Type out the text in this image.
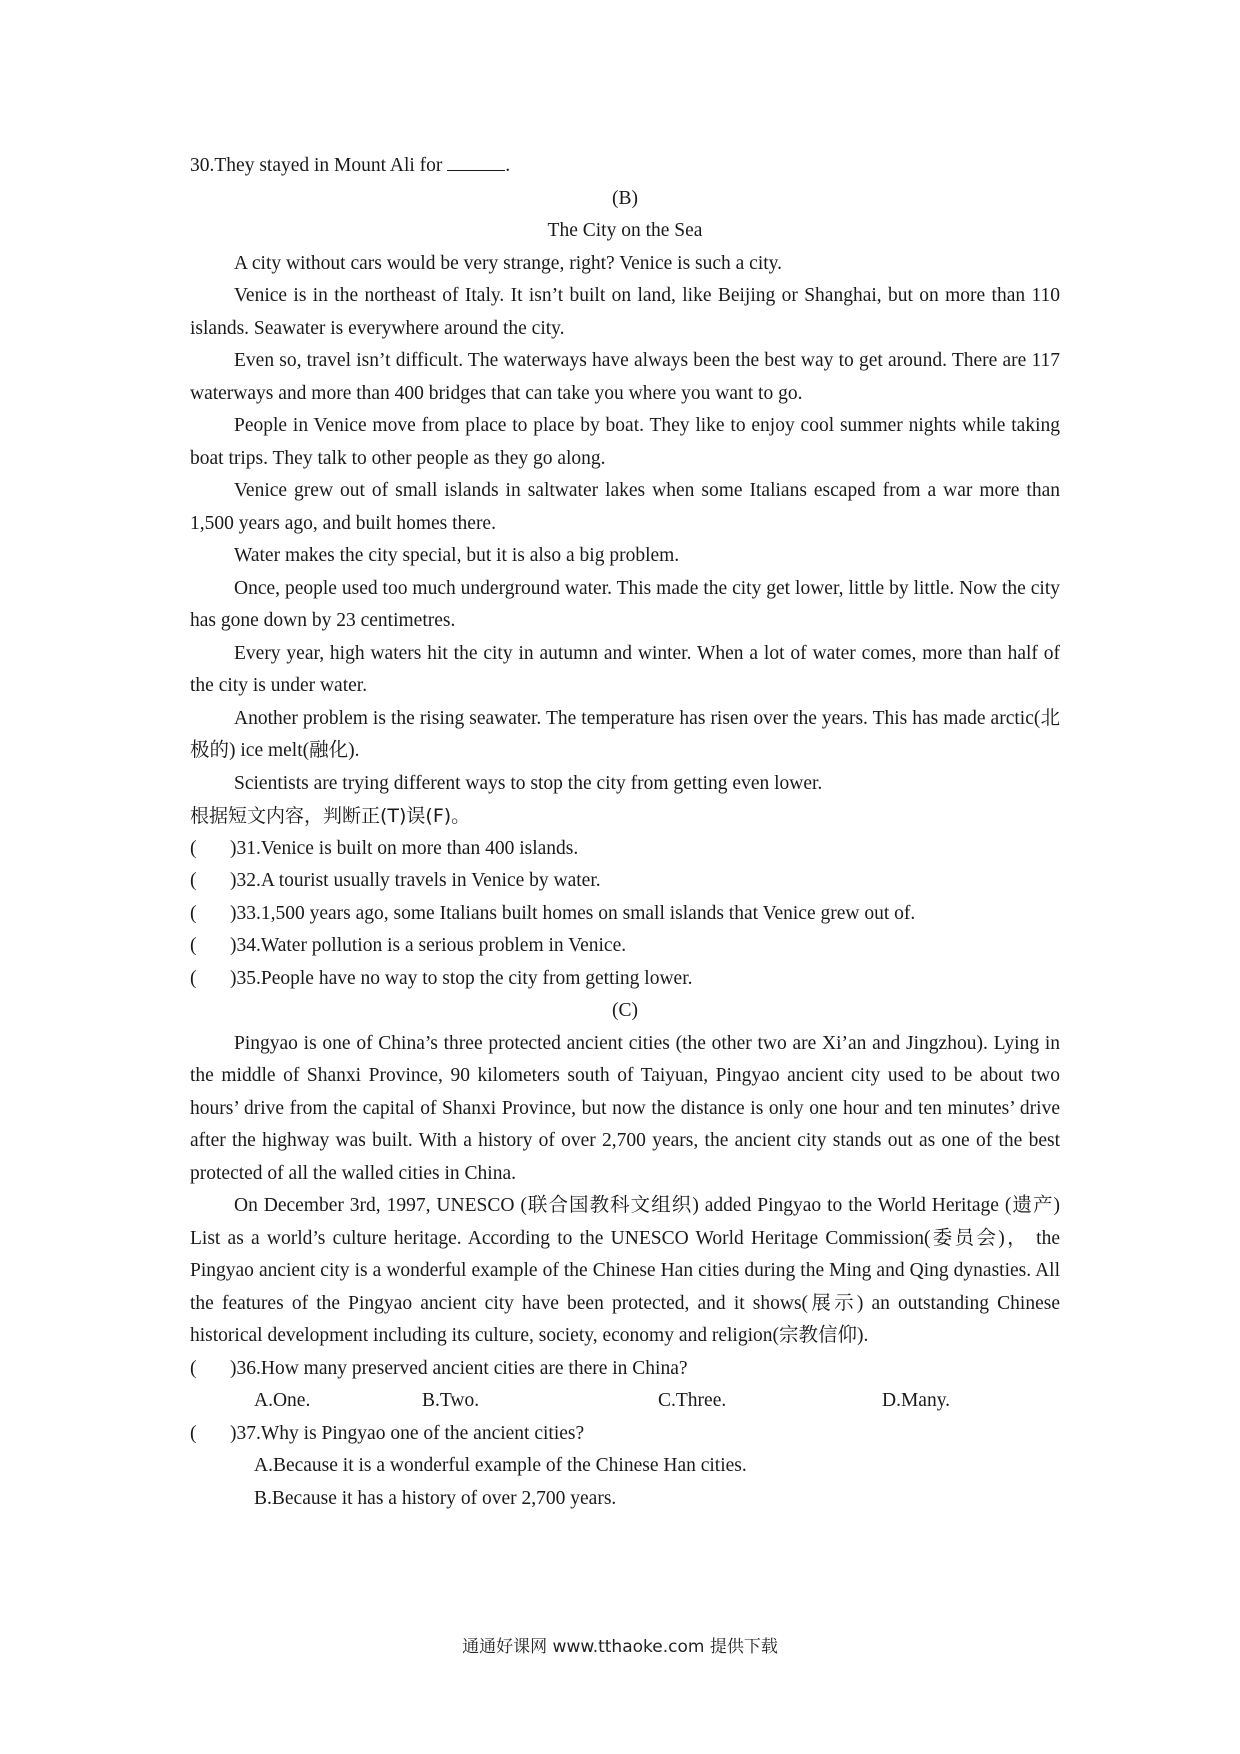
30.They stayed in Mount Ali for	.

(B)

The City on the Sea

A city without cars would be very strange, right? Venice is such a city.

Venice is in the northeast of Italy. It isn’t built on land, like Beijing or Shanghai, but on more than 110 islands. Seawater is everywhere around the city.

Even so, travel isn’t difficult. The waterways have always been the best way to get around. There are 117 waterways and more than 400 bridges that can take you where you want to go.

People in Venice move from place to place by boat. They like to enjoy cool summer nights while taking boat trips. They talk to other people as they go along.

Venice grew out of small islands in saltwater lakes when some Italians escaped from a war more than 1,500 years ago, and built homes there.

Water makes the city special, but it is also a big problem.

Once, people used too much underground water. This made the city get lower, little by little. Now the city has gone down by 23 centimetres.

Every year, high waters hit the city in autumn and winter. When a lot of water comes, more than half of the city is under water.

Another problem is the rising seawater. The temperature has risen over the years. This has made arctic(北极的) ice melt(融化).

Scientists are trying different ways to stop the city from getting even lower.

根据短文内容，判断正(T)误(F)。

(	)31.Venice is built on more than 400 islands.

(	)32.A tourist usually travels in Venice by water.

(	)33.1,500 years ago, some Italians built homes on small islands that Venice grew out of.

(	)34.Water pollution is a serious problem in Venice.

(	)35.People have no way to stop the city from getting lower.

(C)

Pingyao is one of China’s three protected ancient cities (the other two are Xi’an and Jingzhou). Lying in the middle of Shanxi Province, 90 kilometers south of Taiyuan, Pingyao ancient city used to be about two hours’ drive from the capital of Shanxi Province, but now the distance is only one hour and ten minutes’ drive after the highway was built. With a history of over 2,700 years, the ancient city stands out as one of the best protected of all the walled cities in China.

On December 3rd, 1997, UNESCO (联合国教科文组织) added Pingyao to the World Heritage (遗产) List as a world’s culture heritage. According to the UNESCO World Heritage Commission(委员会)， the Pingyao ancient city is a wonderful example of the Chinese Han cities during the Ming and Qing dynasties. All the features of the Pingyao ancient city have been protected, and it shows(展示) an outstanding Chinese historical development including its culture, society, economy and religion(宗教信仰).

(	)36.How many preserved ancient cities are there in China?

A.One.	B.Two.	C.Three.	D.Many.

(	)37.Why is Pingyao one of the ancient cities?

A.Because it is a wonderful example of the Chinese Han cities.

B.Because it has a history of over 2,700 years.

通通好课网 www.tthaoke.com 提供下载
